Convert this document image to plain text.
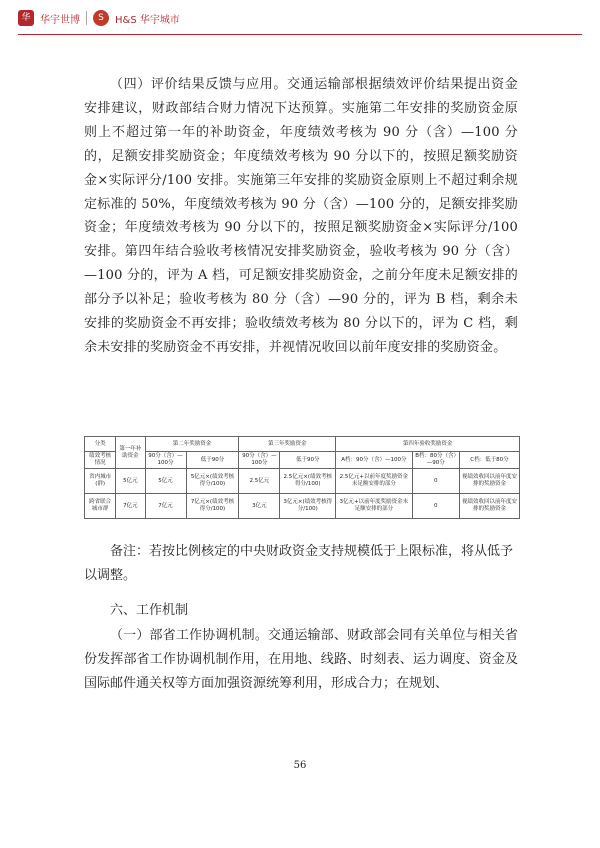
华 华宇世博	S	H&S 华宇城市

（四）评价结果反馈与应用。交通运输部根据绩效评价结果提出资金安排建议，财政部结合财力情况下达预算。实施第二年安排的奖励资金原则上不超过第一年的补助资金，年度绩效考核为 90 分（含）—100 分的，足额安排奖励资金；年度绩效考核为 90 分以下的，按照足额奖励资金×实际评分/100 安排。实施第三年安排的奖励资金原则上不超过剩余规定标准的 50%，年度绩效考核为 90 分（含）—100 分的，足额安排奖励资金；年度绩效考核为 90 分以下的，按照足额奖励资金×实际评分/100 安排。第四年结合验收考核情况安排奖励资金，验收考核为 90 分（含）—100 分的，评为 A 档，可足额安排奖励资金，之前分年度未足额安排的部分予以补足；验收考核为 80 分（含）—90 分的，评为 B 档，剩余未安排的奖励资金不再安排；验收绩效考核为 80 分以下的，评为 C 档，剩余未安排的奖励资金不再安排，并视情况收回以前年度安排的奖励资金。

分类	第一年补助资金	第二年奖励资金		第三年奖励资金		第四年验收奖励资金		
绩效考核情况		90分（含）—100分	低于90分	90分（含）—100分	低于90分	A档：90分（含）—100分	B档：80分（含）—90分	C档：低于80分
省内城市(群)	5亿元	5亿元	5亿元×(绩效考核得分/100)	2.5亿元	2.5亿元×(绩效考核得分/100)	2.5亿元+以前年度奖励资金未足额安排的部分	0	视绩效收回以前年度安排的奖励资金
跨省联合城市群	7亿元	7亿元	7亿元×(绩效考核得分/100)	3亿元	3亿元×(绩效考核得分/100)	3亿元+以前年度奖励资金未足额安排的部分	0	视绩效收回以前年度安排的奖励资金

备注：若按比例核定的中央财政资金支持规模低于上限标准，将从低予以调整。

六、工作机制

（一）部省工作协调机制。交通运输部、财政部会同有关单位与相关省份发挥部省工作协调机制作用，在用地、线路、时刻表、运力调度、资金及国际邮件通关权等方面加强资源统筹利用，形成合力；在规划、

56
